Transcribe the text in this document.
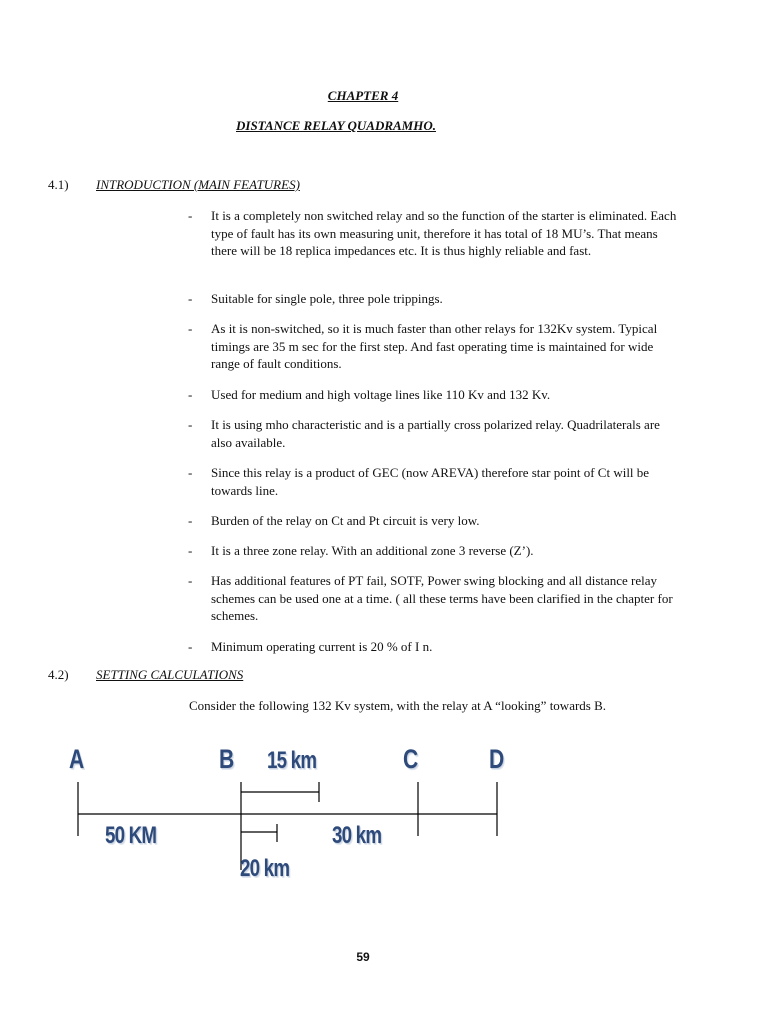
CHAPTER 4
DISTANCE RELAY QUADRAMHO.
4.1) INTRODUCTION (MAIN FEATURES)
- It is a completely non switched relay and so the function of the starter is eliminated. Each type of fault has its own measuring unit, therefore it has total of 18 MU’s. That means there will be 18 replica impedances etc. It is thus highly reliable and fast.
- Suitable for single pole, three pole trippings.
- As it is non-switched, so it is much faster than other relays for 132Kv system. Typical timings are 35 m sec for the first step. And fast operating time is maintained for wide range of fault conditions.
- Used for medium and high voltage lines like 110 Kv and 132 Kv.
- It is using mho characteristic and is a partially cross polarized relay. Quadrilaterals are also available.
- Since this relay is a product of GEC (now AREVA) therefore star point of Ct will be towards line.
- Burden of the relay on Ct and Pt circuit is very low.
- It is a three zone relay. With an additional zone 3 reverse (Z’).
- Has additional features of PT fail, SOTF, Power swing blocking and all distance relay schemes can be used one at a time. ( all these terms have been clarified in the chapter for schemes.
- Minimum operating current is 20 % of I n.
4.2) SETTING CALCULATIONS
Consider the following 132 Kv system, with the relay at A “looking” towards B.
A	B	C	D
15 km
50 KM	30 km
20 km
59
